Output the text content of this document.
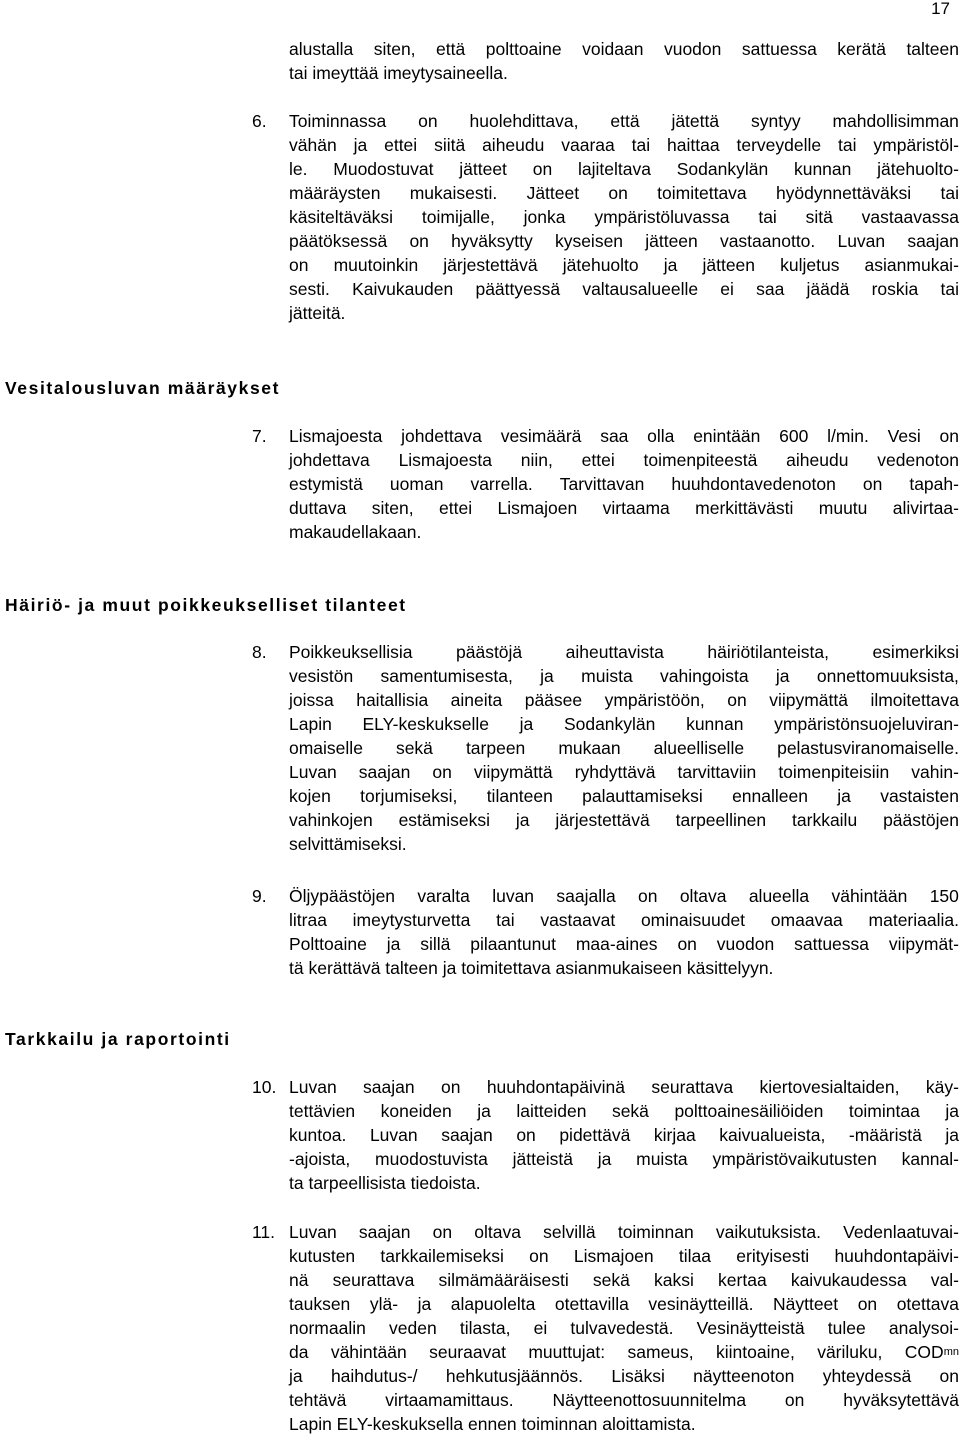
17
alustalla siten, että polttoaine voidaan vuodon sattuessa kerätä talteen
tai imeyttää imeytysaineella.
6. Toiminnassa on huolehdittava, että jätettä syntyy mahdollisimman
vähän ja ettei siitä aiheudu vaaraa tai haittaa terveydelle tai ympäristöl-
le. Muodostuvat jätteet on lajiteltava Sodankylän kunnan jätehuolto-
määräysten mukaisesti. Jätteet on toimitettava hyödynnettäväksi tai
käsiteltäväksi toimijalle, jonka ympäristöluvassa tai sitä vastaavassa
päätöksessä on hyväksytty kyseisen jätteen vastaanotto. Luvan saajan
on muutoinkin järjestettävä jätehuolto ja jätteen kuljetus asianmukai-
sesti. Kaivukauden päättyessä valtausalueelle ei saa jäädä roskia tai
jätteitä.
Vesitalousluvan määräykset
7. Lismajoesta johdettava vesimäärä saa olla enintään 600 l/min. Vesi on
johdettava Lismajoesta niin, ettei toimenpiteestä aiheudu vedenoton
estymistä uoman varrella. Tarvittavan huuhdontavedenoton on tapah-
duttava siten, ettei Lismajoen virtaama merkittävästi muutu alivirtaa-
makaudellakaan.
Häiriö- ja muut poikkeukselliset tilanteet
8. Poikkeuksellisia päästöjä aiheuttavista häiriötilanteista, esimerkiksi
vesistön samentumisesta, ja muista vahingoista ja onnettomuuksista,
joissa haitallisia aineita pääsee ympäristöön, on viipymättä ilmoitettava
Lapin ELY-keskukselle ja Sodankylän kunnan ympäristönsuojeluviran-
omaiselle sekä tarpeen mukaan alueelliselle pelastusviranomaiselle.
Luvan saajan on viipymättä ryhdyttävä tarvittaviin toimenpiteisiin vahin-
kojen torjumiseksi, tilanteen palauttamiseksi ennalleen ja vastaisten
vahinkojen estämiseksi ja järjestettävä tarpeellinen tarkkailu päästöjen
selvittämiseksi.
9. Öljypäästöjen varalta luvan saajalla on oltava alueella vähintään 150
litraa imeytysturvetta tai vastaavat ominaisuudet omaavaa materiaalia.
Polttoaine ja sillä pilaantunut maa-aines on vuodon sattuessa viipymät-
tä kerättävä talteen ja toimitettava asianmukaiseen käsittelyyn.
Tarkkailu ja raportointi
10. Luvan saajan on huuhdontapäivinä seurattava kiertovesialtaiden, käy-
tettävien koneiden ja laitteiden sekä polttoainesäiliöiden toimintaa ja
kuntoa. Luvan saajan on pidettävä kirjaa kaivualueista, -määristä ja
-ajoista, muodostuvista jätteistä ja muista ympäristövaikutusten kannal-
ta tarpeellisista tiedoista.
11. Luvan saajan on oltava selvillä toiminnan vaikutuksista. Vedenlaatuvai-
kutusten tarkkailemiseksi on Lismajoen tilaa erityisesti huuhdontapäivi-
nä seurattava silmämääräisesti sekä kaksi kertaa kaivukaudessa val-
tauksen ylä- ja alapuolelta otettavilla vesinäytteillä. Näytteet on otettava
normaalin veden tilasta, ei tulvavedestä. Vesinäytteistä tulee analysoi-
da vähintään seuraavat muuttujat: sameus, kiintoaine, väriluku, COD mn
ja haihdutus-/ hehkutusjäännös. Lisäksi näytteenoton yhteydessä on
tehtävä virtaamamittaus. Näytteenottosuunnitelma on hyväksytettävä
Lapin ELY-keskuksella ennen toiminnan aloittamista.
